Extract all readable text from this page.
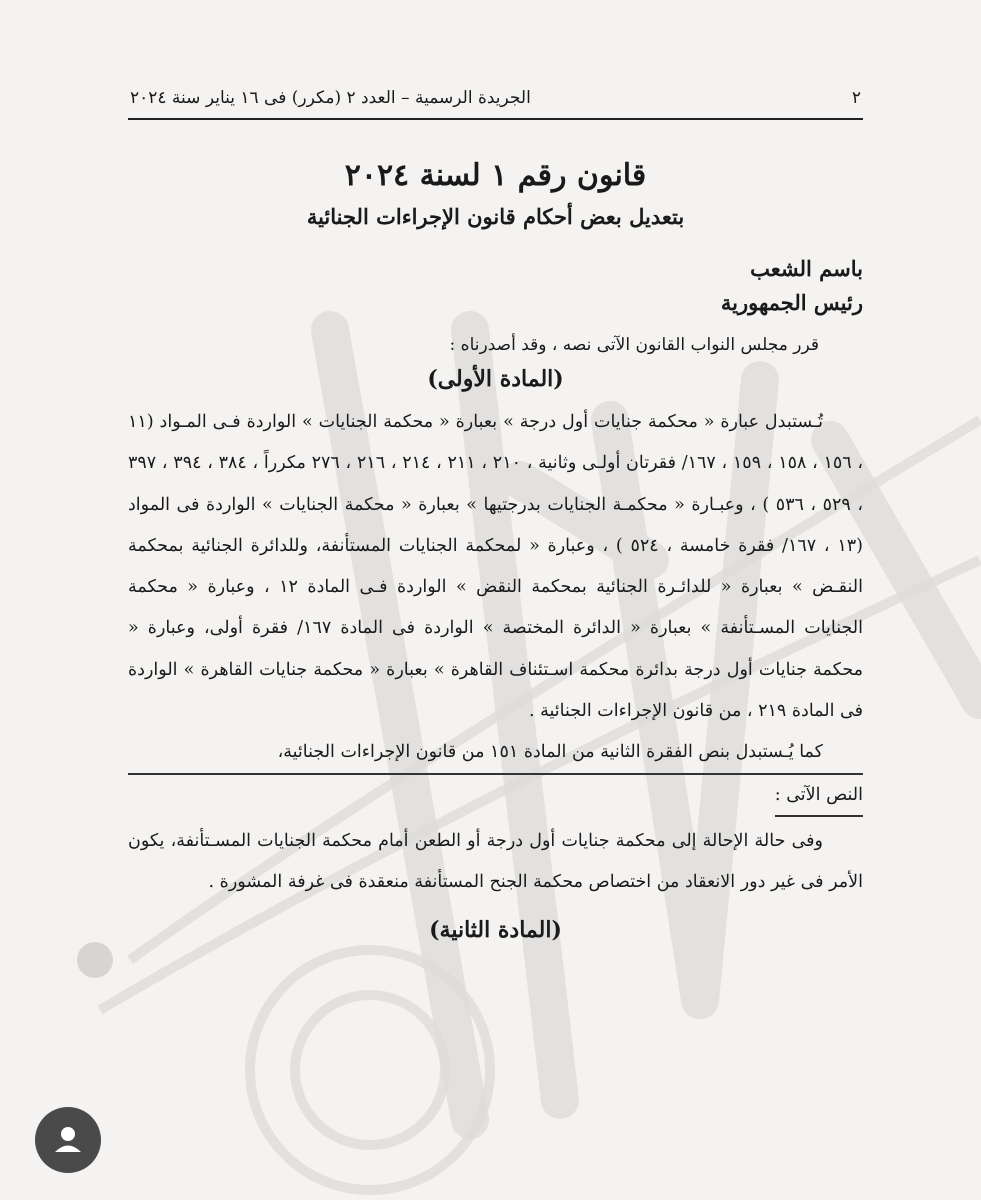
٢
الجريدة الرسمية – العدد ٢ (مكرر) فى ١٦ يناير سنة ٢٠٢٤
قانون رقم ١ لسنة ٢٠٢٤
بتعديل بعض أحكام قانون الإجراءات الجنائية
باسم الشعب
رئيس الجمهورية
قرر مجلس النواب القانون الآتى نصه ، وقد أصدرناه :
(المادة الأولى)
تُـستبدل عبارة « محكمة جنايات أول درجة » بعبارة « محكمة الجنايات » الواردة فـى المـواد (١١ ، ١٥٦ ، ١٥٨ ، ١٥٩ ، ١٦٧/ فقرتان أولـى وثانية ، ٢١٠ ، ٢١١ ، ٢١٤ ، ٢١٦ ، ٢٧٦ مكرراً ، ٣٨٤ ، ٣٩٤ ، ٣٩٧ ، ٥٢٩ ، ٥٣٦ ) ، وعبـارة « محكمـة الجنايات بدرجتيها » بعبارة « محكمة الجنايات » الواردة فى المواد (١٣ ، ١٦٧/ فقرة خامسة ، ٥٢٤ ) ، وعبارة « لمحكمة الجنايات المستأنفة، وللدائرة الجنائية بمحكمة النقـض » بعبارة « للدائـرة الجنائية بمحكمة النقض » الواردة فـى المادة ١٢ ، وعبارة « محكمة الجنايات المسـتأنفة » بعبارة « الدائرة المختصة » الواردة فى المادة ١٦٧/ فقرة أولى، وعبارة « محكمة جنايات أول درجة بدائرة محكمة اسـتئناف القاهرة » بعبارة « محكمة جنايات القاهرة » الواردة فى المادة ٢١٩ ، من قانون الإجراءات الجنائية .
كما يُـستبدل بنص الفقرة الثانية من المادة ١٥١ من قانون الإجراءات الجنائية،
النص الآتى :
وفى حالة الإحالة إلى محكمة جنايات أول درجة أو الطعن أمام محكمة الجنايات المسـتأنفة، يكون الأمر فى غير دور الانعقاد من اختصاص محكمة الجنح المستأنفة منعقدة فى غرفة المشورة .
(المادة الثانية)
